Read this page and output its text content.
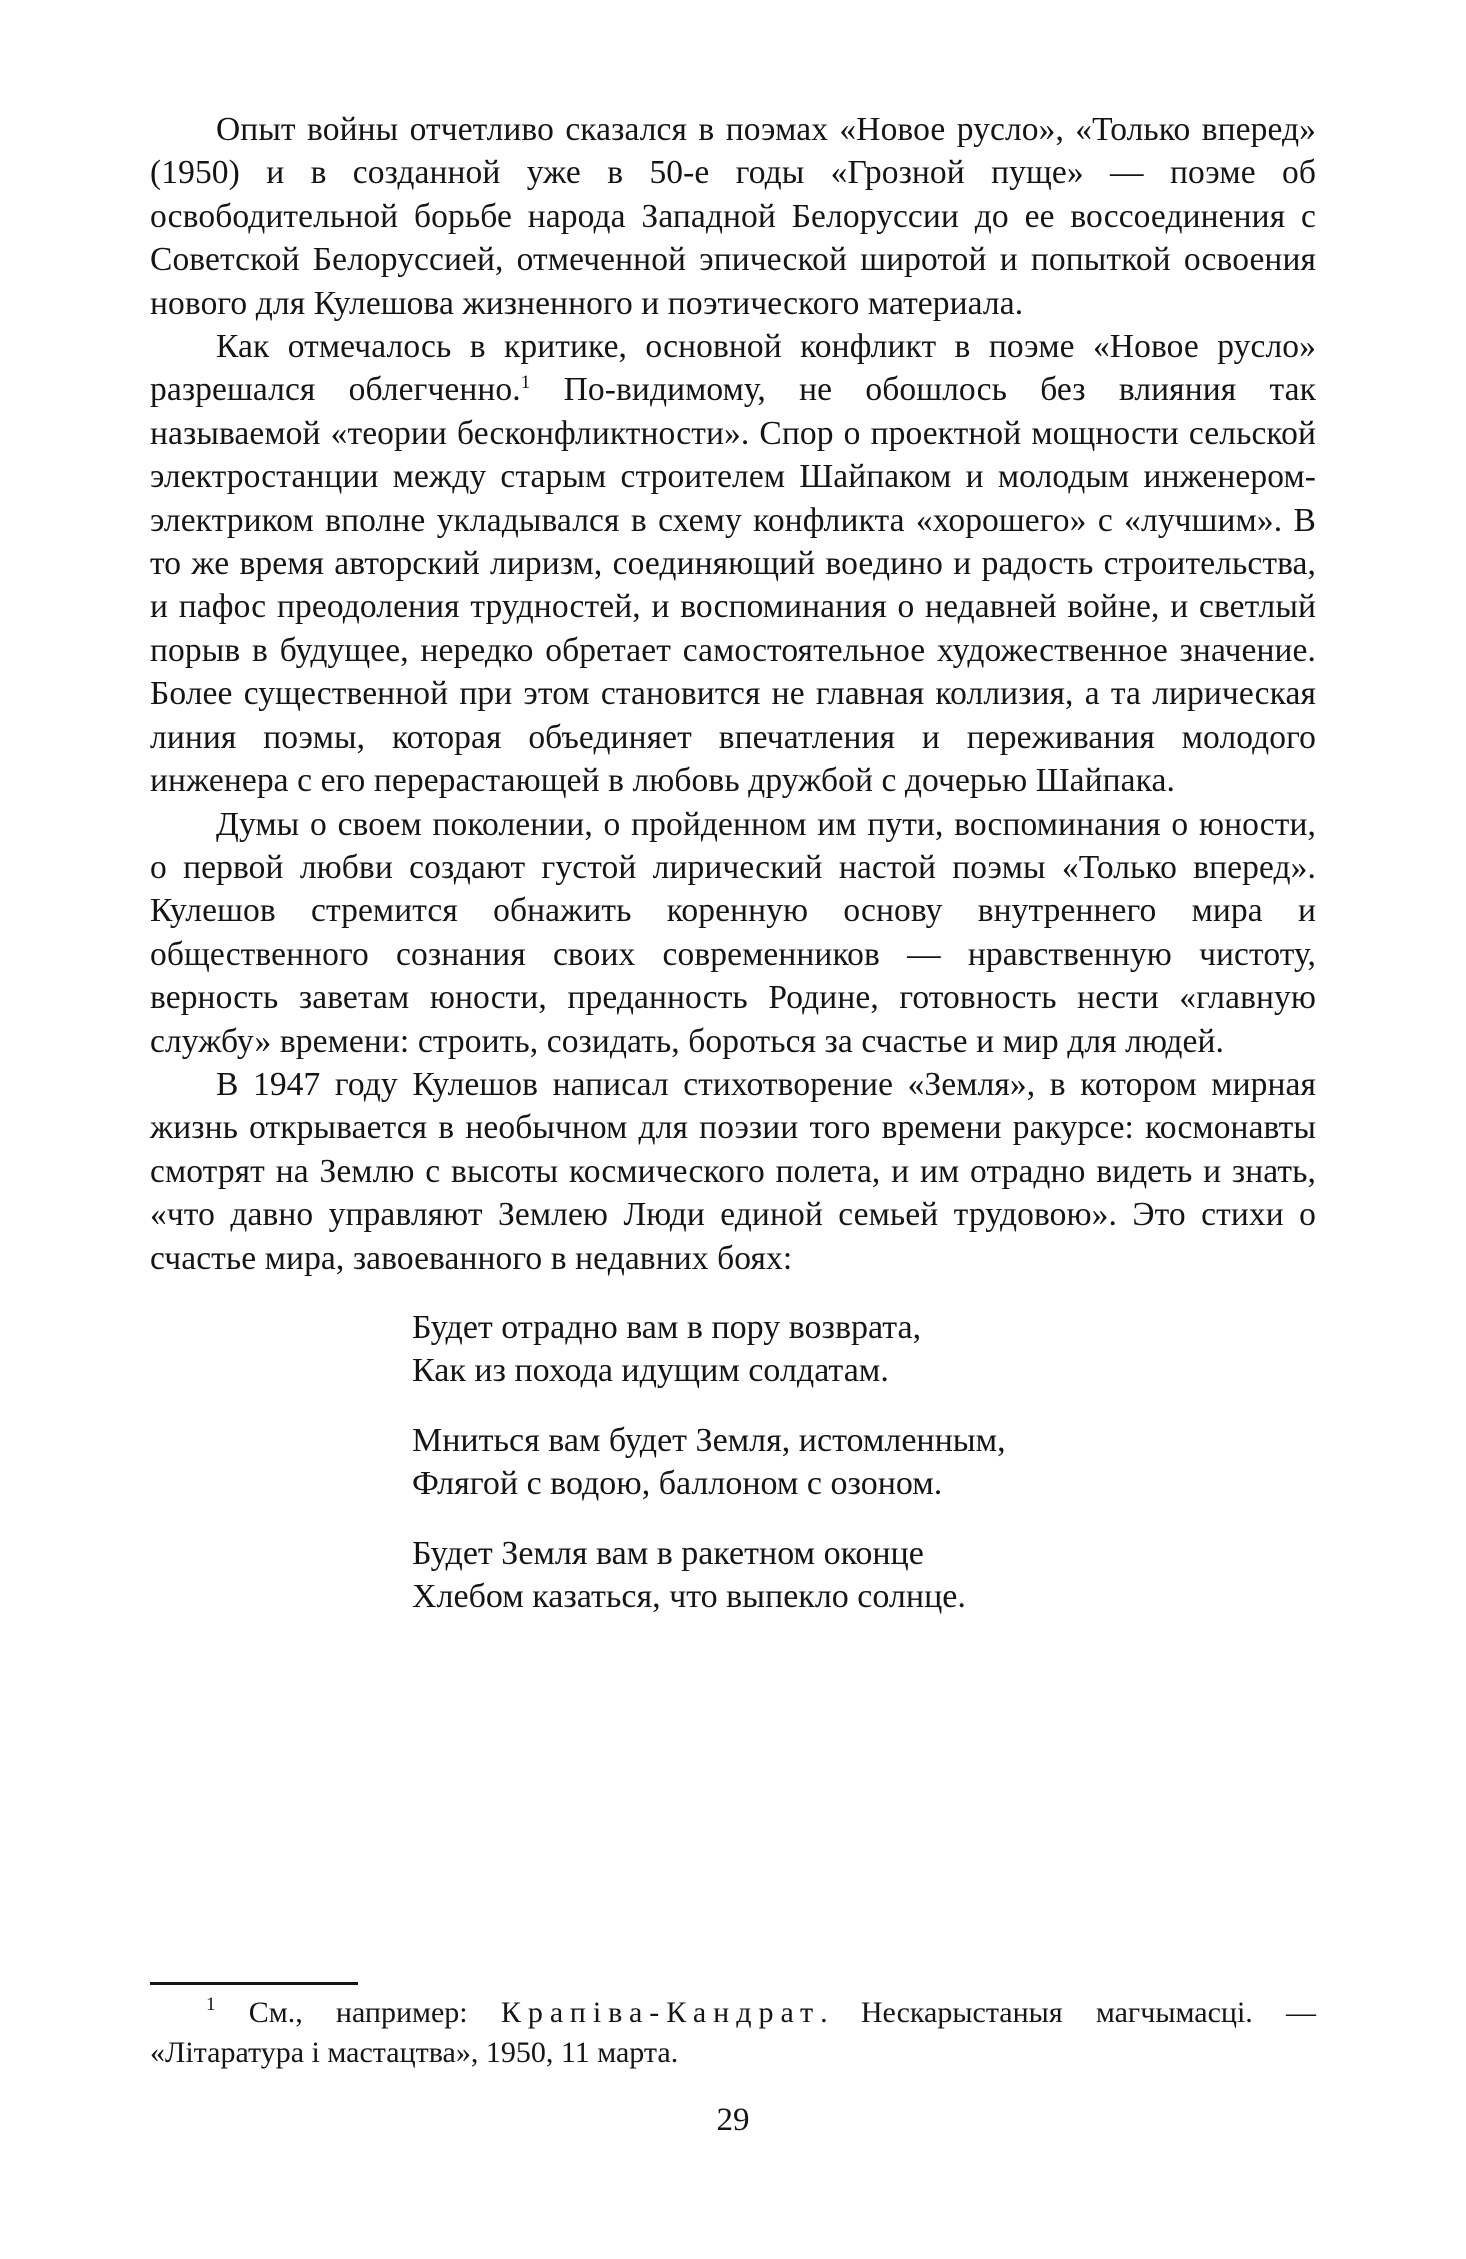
Опыт войны отчетливо сказался в поэмах «Новое русло», «Только вперед» (1950) и в созданной уже в 50-е годы «Грозной пуще» — поэме об освободительной борьбе народа Западной Белоруссии до ее воссоединения с Советской Белоруссией, отмеченной эпической широтой и попыткой освоения нового для Кулешова жизненного и поэтического материала.

Как отмечалось в критике, основной конфликт в поэме «Новое русло» разрешался облегченно.$^1$ По-видимому, не обошлось без влияния так называемой «теории бесконфликтности». Спор о проектной мощности сельской электростанции между старым строителем Шайпаком и молодым инженером-электриком вполне укладывался в схему конфликта «хорошего» с «лучшим». В то же время авторский лиризм, соединяющий воедино и радость строительства, и пафос преодоления трудностей, и воспоминания о недавней войне, и светлый порыв в будущее, нередко обретает самостоятельное художественное значение. Более существенной при этом становится не главная коллизия, а та лирическая линия поэмы, которая объединяет впечатления и переживания молодого инженера с его перерастающей в любовь дружбой с дочерью Шайпака.

Думы о своем поколении, о пройденном им пути, воспоминания о юности, о первой любви создают густой лирический настой поэмы «Только вперед». Кулешов стремится обнажить коренную основу внутреннего мира и общественного сознания своих современников — нравственную чистоту, верность заветам юности, преданность Родине, готовность нести «главную службу» времени: строить, созидать, бороться за счастье и мир для людей.

В 1947 году Кулешов написал стихотворение «Земля», в котором мирная жизнь открывается в необычном для поэзии того времени ракурсе: космонавты смотрят на Землю с высоты космического полета, и им отрадно видеть и знать, «что давно управляют Землею Люди единой семьей трудовою». Это стихи о счастье мира, завоеванного в недавних боях:

Будет отрадно вам в пору возврата,
Как из похода идущим солдатам.
Мниться вам будет Земля, истомленным,
Флягой с водою, баллоном с озоном.
Будет Земля вам в ракетном оконце
Хлебом казаться, что выпекло солнце.

$^1$ См., например: Крапіва-Кандрат. Нескарыстаныя магчымасці. — «Літаратура і мастацтва», 1950, 11 марта.

29
